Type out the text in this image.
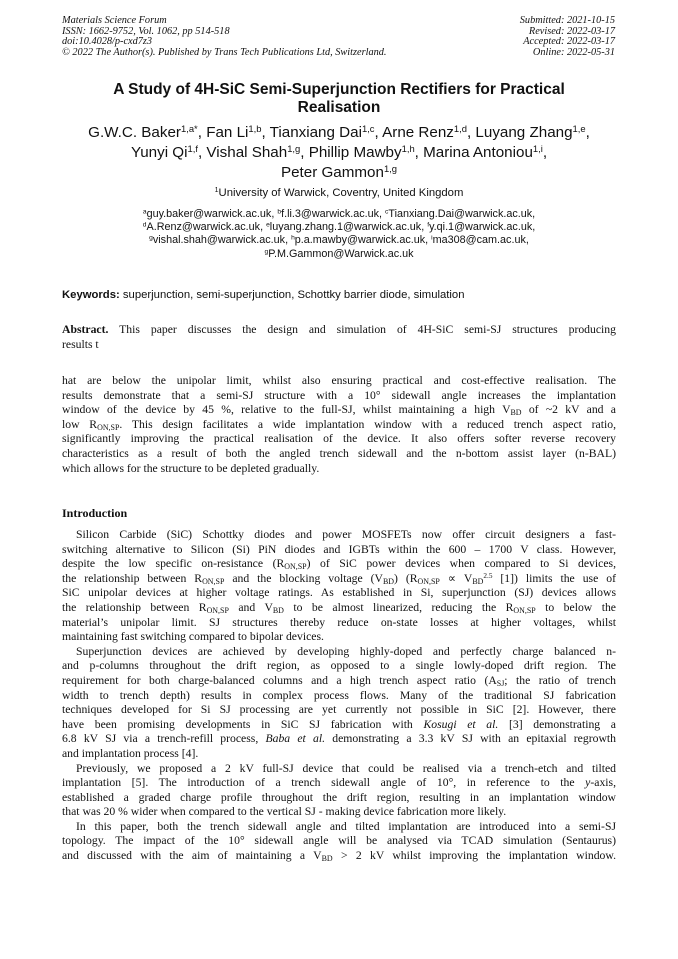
Materials Science Forum
ISSN: 1662-9752, Vol. 1062, pp 514-518
doi:10.4028/p-cxd7z3
© 2022 The Author(s). Published by Trans Tech Publications Ltd, Switzerland.
Submitted: 2021-10-15
Revised: 2022-03-17
Accepted: 2022-03-17
Online: 2022-05-31
A Study of 4H-SiC Semi-Superjunction Rectifiers for Practical
Realisation
G.W.C. Baker$^{1,a*}$, Fan Li$^{1,b}$, Tianxiang Dai$^{1,c}$, Arne Renz$^{1,d}$, Luyang Zhang$^{1,e}$,
Yunyi Qi$^{1,f}$, Vishal Shah$^{1,g}$, Phillip Mawby$^{1,h}$, Marina Antoniou$^{1,i}$,
Peter Gammon$^{1,g}$
$^1$University of Warwick, Coventry, United Kingdom
$^a$guy.baker@warwick.ac.uk, $^b$f.li.3@warwick.ac.uk, $^c$Tianxiang.Dai@warwick.ac.uk,
$^d$A.Renz@warwick.ac.uk, $^e$luyang.zhang.1@warwick.ac.uk, $^f$y.qi.1@warwick.ac.uk,
$^g$vishal.shah@warwick.ac.uk, $^h$p.a.mawby@warwick.ac.uk, $^i$ma308@cam.ac.uk,
$^g$P.M.Gammon@Warwick.ac.uk
Keywords: superjunction, semi-superjunction, Schottky barrier diode, simulation
Abstract. This paper discusses the design and simulation of 4H-SiC semi-SJ structures producing
results t
hat are below the unipolar limit, whilst also ensuring practical and cost-effective realisation. The
results demonstrate that a semi-SJ structure with a 10° sidewall angle increases the implantation
window of the device by 45 %, relative to the full-SJ, whilst maintaining a high $V_{BD}$ of ~2 kV and a
low $R_{ON,SP}$. This design facilitates a wide implantation window with a reduced trench aspect ratio,
significantly improving the practical realisation of the device. It also offers softer reverse recovery
characteristics as a result of both the angled trench sidewall and the n-bottom assist layer (n-BAL)
which allows for the structure to be depleted gradually.
Introduction
Silicon Carbide (SiC) Schottky diodes and power MOSFETs now offer circuit designers a fast-
switching alternative to Silicon (Si) PiN diodes and IGBTs within the 600 – 1700 V class. However,
despite the low specific on-resistance $(R_{ON,SP})$ of SiC power devices when compared to Si devices,
the relationship between $R_{ON,SP}$ and the blocking voltage $(V_{BD}) (R_{ON,SP} \propto V_{BD}^{2.5}$ [1]) limits the use of
SiC unipolar devices at higher voltage ratings. As established in Si, superjunction (SJ) devices allows
the relationship between $R_{ON,SP}$ and $V_{BD}$ to be almost linearized, reducing the $R_{ON,SP}$ to below the
material’s unipolar limit. SJ structures thereby reduce on-state losses at higher voltages, whilst
maintaining fast switching compared to bipolar devices.
Superjunction devices are achieved by developing highly-doped and perfectly charge balanced n-
and p-columns throughout the drift region, as opposed to a single lowly-doped drift region. The
requirement for both charge-balanced columns and a high trench aspect ratio ($A_{SJ}$; the ratio of trench
width to trench depth) results in complex process flows. Many of the traditional SJ fabrication
techniques developed for Si SJ processing are yet currently not possible in SiC [2]. However, there
have been promising developments in SiC SJ fabrication with Kosugi et al. [3] demonstrating a
6.8 kV SJ via a trench-refill process, Baba et al. demonstrating a 3.3 kV SJ with an epitaxial regrowth
and implantation process [4].
Previously, we proposed a 2 kV full-SJ device that could be realised via a trench-etch and tilted
implantation [5]. The introduction of a trench sidewall angle of 10°, in reference to the y-axis,
established a graded charge profile throughout the drift region, resulting in an implantation window
that was 20 % wider when compared to the vertical SJ - making device fabrication more likely.
In this paper, both the trench sidewall angle and tilted implantation are introduced into a semi-SJ
topology. The impact of the 10° sidewall angle will be analysed via TCAD simulation (Sentaurus)
and discussed with the aim of maintaining a $V_{BD} > 2$ kV whilst improving the implantation window.
